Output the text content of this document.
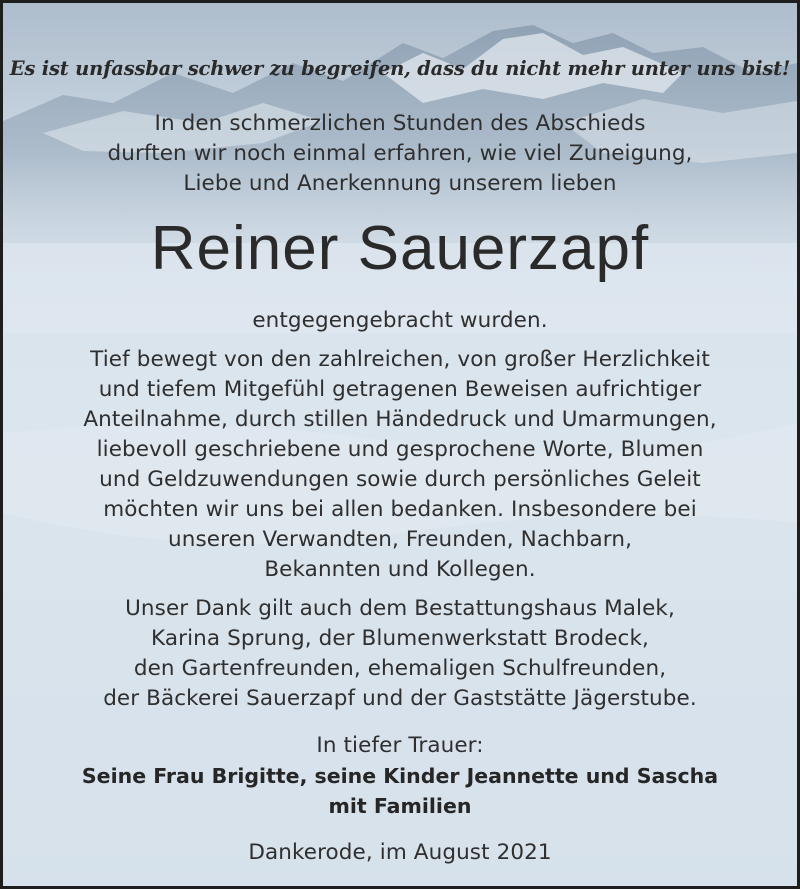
Es ist unfassbar schwer zu begreifen, dass du nicht mehr unter uns bist!

In den schmerzlichen Stunden des Abschieds

durften wir noch einmal erfahren, wie viel Zuneigung,

Liebe und Anerkennung unserem lieben

Reiner Sauerzapf

entgegengebracht wurden.

Tief bewegt von den zahlreichen, von großer Herzlichkeit

und tiefem Mitgefühl getragenen Beweisen aufrichtiger

Anteilnahme, durch stillen Händedruck und Umarmungen,

liebevoll geschriebene und gesprochene Worte, Blumen

und Geldzuwendungen sowie durch persönliches Geleit

möchten wir uns bei allen bedanken. Insbesondere bei

unseren Verwandten, Freunden, Nachbarn,

Bekannten und Kollegen.

Unser Dank gilt auch dem Bestattungshaus Malek,

Karina Sprung, der Blumenwerkstatt Brodeck,

den Gartenfreunden, ehemaligen Schulfreunden,

der Bäckerei Sauerzapf und der Gaststätte Jägerstube.

In tiefer Trauer:

Seine Frau Brigitte, seine Kinder Jeannette und Sascha

mit Familien

Dankerode, im August 2021
